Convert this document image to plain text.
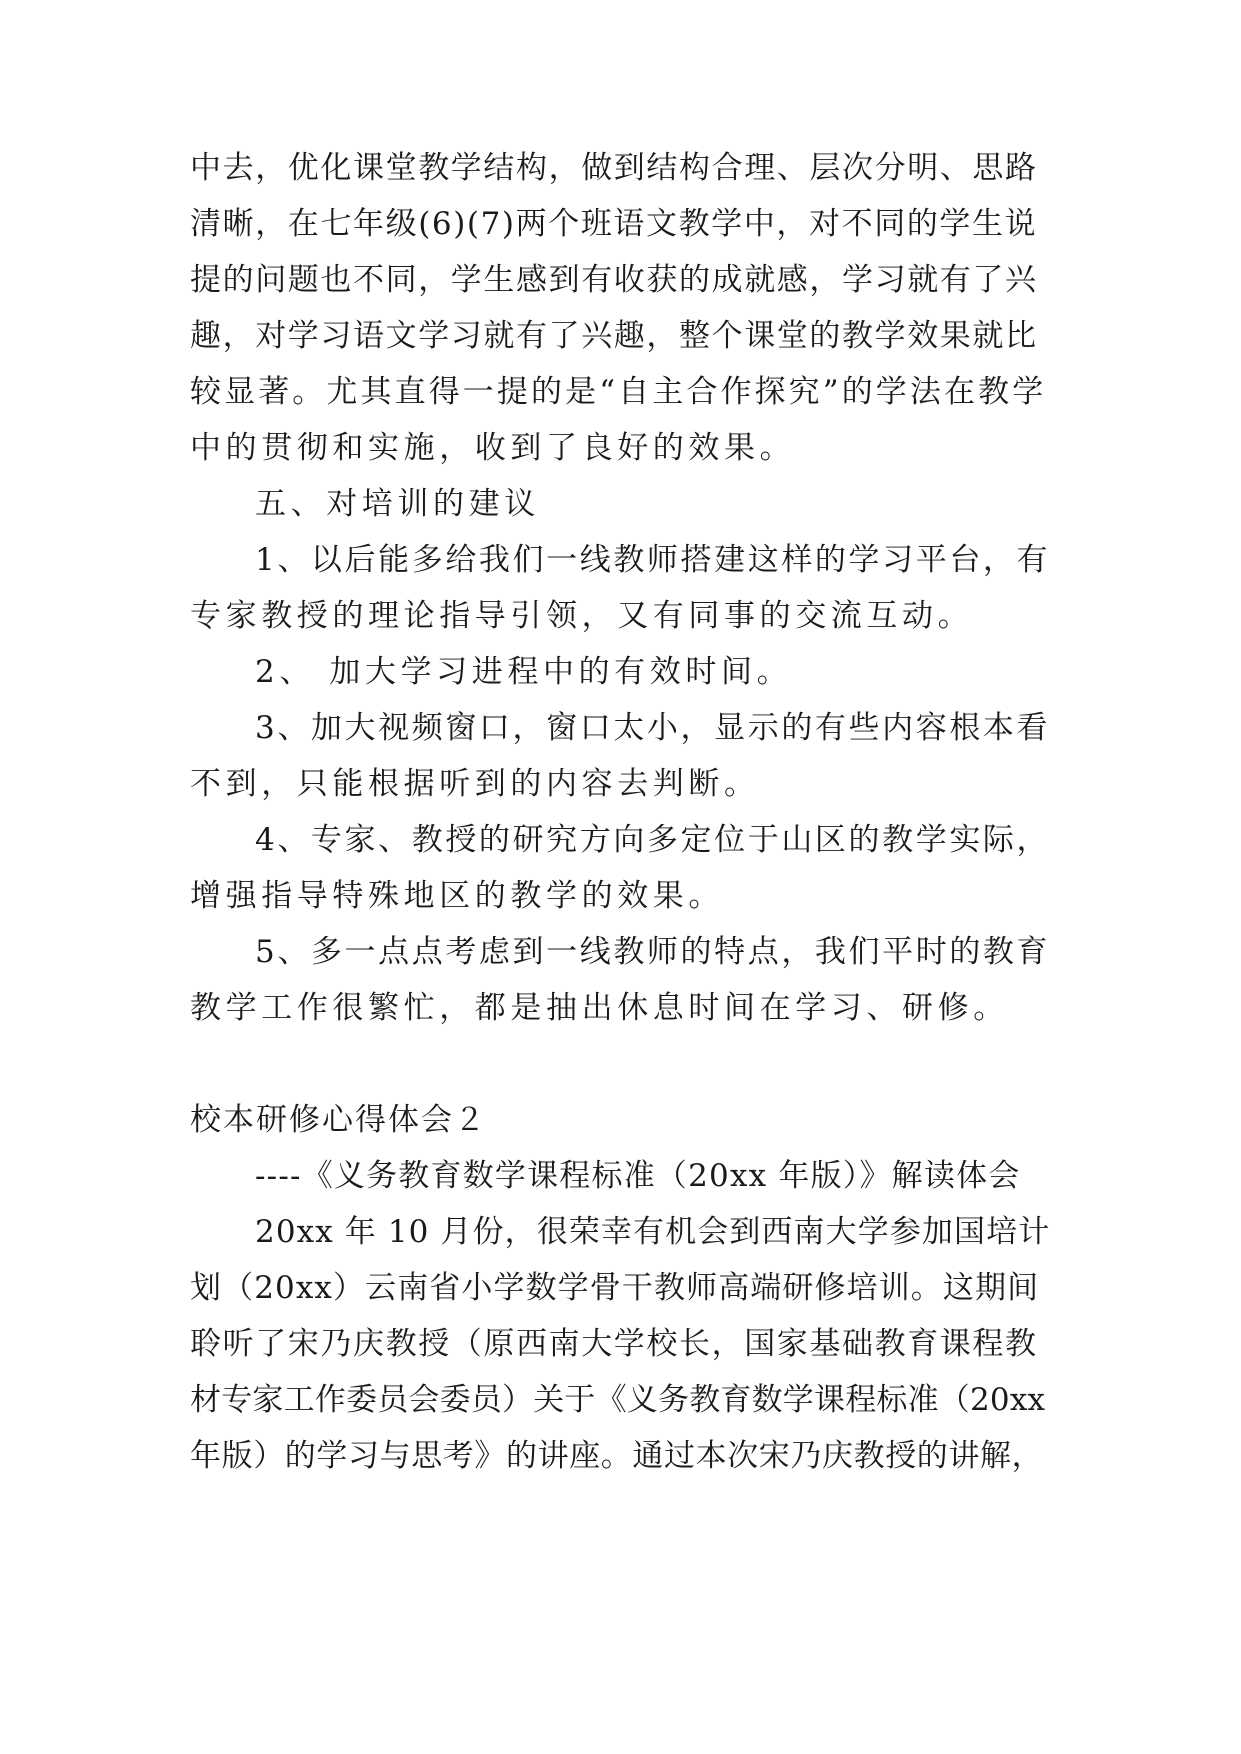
中去，优化课堂教学结构，做到结构合理、层次分明、思路
清晰，在七年级(6)(7)两个班语文教学中，对不同的学生说
提的问题也不同，学生感到有收获的成就感，学习就有了兴
趣，对学习语文学习就有了兴趣，整个课堂的教学效果就比
较显著。尤其直得一提的是“自主合作探究”的学法在教学
中的贯彻和实施，收到了良好的效果。
五、对培训的建议
1、以后能多给我们一线教师搭建这样的学习平台，有
专家教授的理论指导引领，又有同事的交流互动。
2、 加大学习进程中的有效时间。
3、加大视频窗口，窗口太小，显示的有些内容根本看
不到，只能根据听到的内容去判断。
4、专家、教授的研究方向多定位于山区的教学实际，
增强指导特殊地区的教学的效果。
5、多一点点考虑到一线教师的特点，我们平时的教育
教学工作很繁忙，都是抽出休息时间在学习、研修。
校本研修心得体会２
----《义务教育数学课程标准（20xx 年版）》解读体会
20xx 年 10 月份，很荣幸有机会到西南大学参加国培计
划（20xx）云南省小学数学骨干教师高端研修培训。这期间
聆听了宋乃庆教授（原西南大学校长，国家基础教育课程教
材专家工作委员会委员）关于《义务教育数学课程标准（20xx
年版）的学习与思考》的讲座。通过本次宋乃庆教授的讲解，
